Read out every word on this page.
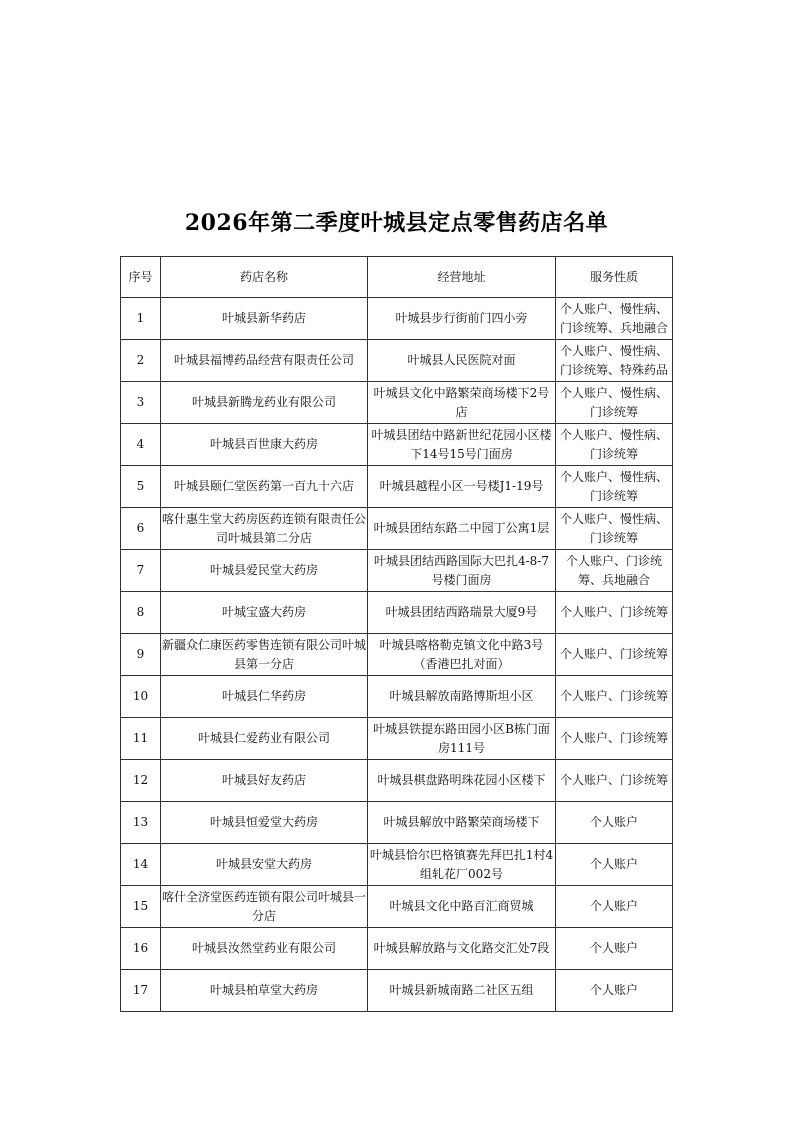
2026年第二季度叶城县定点零售药店名单
序号	药店名称	经营地址	服务性质
1	叶城县新华药店	叶城县步行街前门四小旁	个人账户、慢性病、门诊统筹、兵地融合
2	叶城县福博药品经营有限责任公司	叶城县人民医院对面	个人账户、慢性病、门诊统筹、特殊药品
3	叶城县新腾龙药业有限公司	叶城县文化中路繁荣商场楼下2号店	个人账户、慢性病、门诊统筹
4	叶城县百世康大药房	叶城县团结中路新世纪花园小区楼下14号15号门面房	个人账户、慢性病、门诊统筹
5	叶城县颐仁堂医药第一百九十六店	叶城县越程小区一号楼J1-19号	个人账户、慢性病、门诊统筹
6	喀什惠生堂大药房医药连锁有限责任公司叶城县第二分店	叶城县团结东路二中园丁公寓1层	个人账户、慢性病、门诊统筹
7	叶城县爱民堂大药房	叶城县团结西路国际大巴扎4-8-7号楼门面房	个人账户、门诊统筹、兵地融合
8	叶城宝盛大药房	叶城县团结西路瑞景大厦9号	个人账户、门诊统筹
9	新疆众仁康医药零售连锁有限公司叶城县第一分店	叶城县喀格勒克镇文化中路3号（香港巴扎对面）	个人账户、门诊统筹
10	叶城县仁华药房	叶城县解放南路博斯坦小区	个人账户、门诊统筹
11	叶城县仁爱药业有限公司	叶城县铁提东路田园小区B栋门面房111号	个人账户、门诊统筹
12	叶城县好友药店	叶城县棋盘路明珠花园小区楼下	个人账户、门诊统筹
13	叶城县恒爱堂大药房	叶城县解放中路繁荣商场楼下	个人账户
14	叶城县安堂大药房	叶城县恰尔巴格镇赛先拜巴扎1村4组轧花厂002号	个人账户
15	喀什全济堂医药连锁有限公司叶城县一分店	叶城县文化中路百汇商贸城	个人账户
16	叶城县汝然堂药业有限公司	叶城县解放路与文化路交汇处7段	个人账户
17	叶城县柏草堂大药房	叶城县新城南路二社区五组	个人账户
